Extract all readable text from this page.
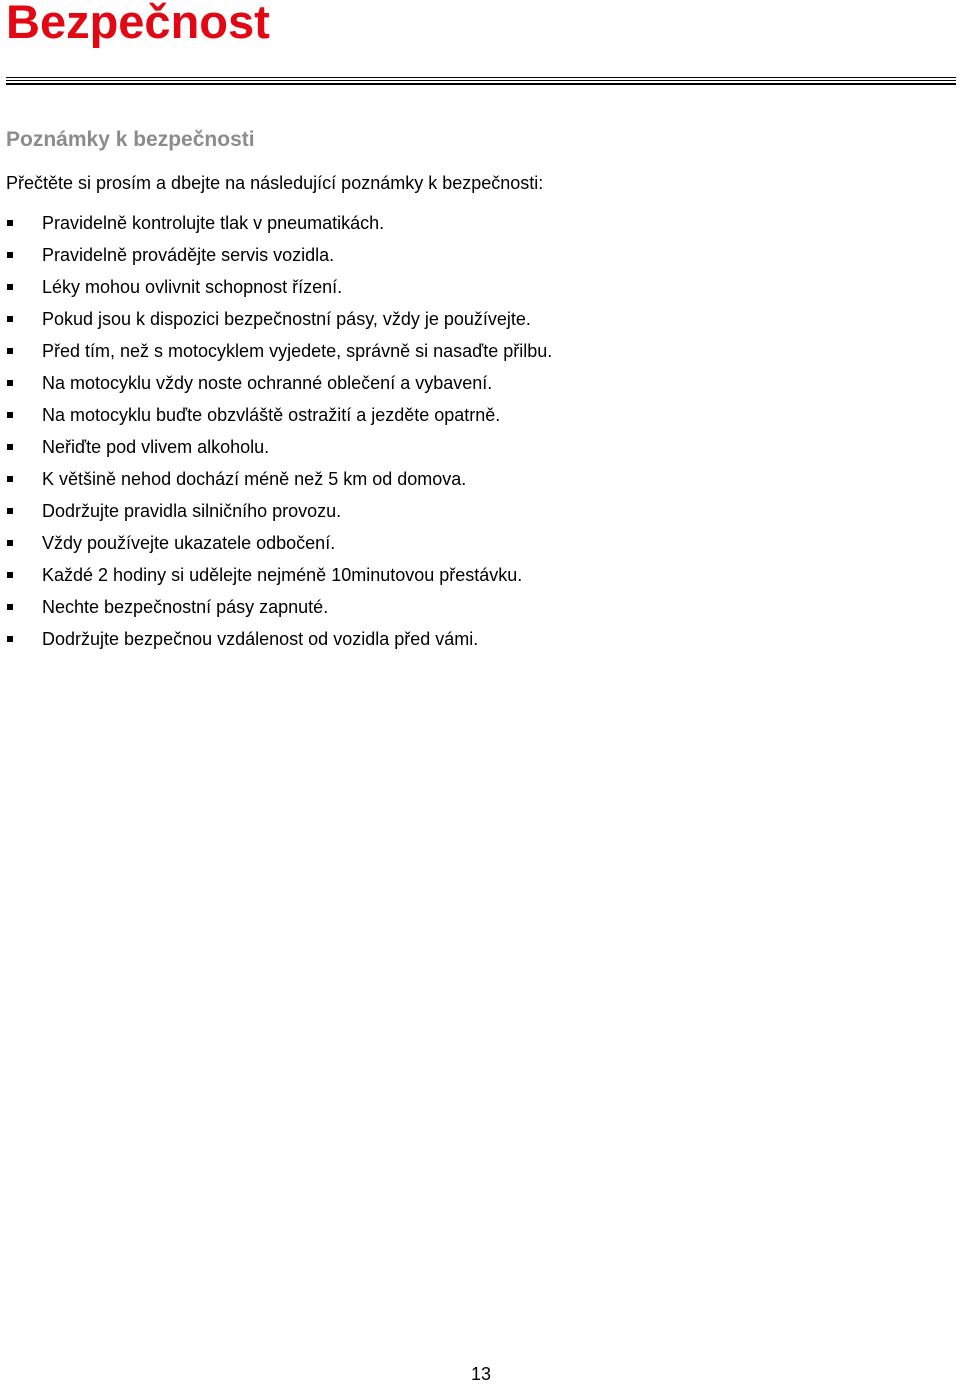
Bezpečnost
Poznámky k bezpečnosti

Přečtěte si prosím a dbejte na následující poznámky k bezpečnosti:

Pravidelně kontrolujte tlak v pneumatikách.
Pravidelně provádějte servis vozidla.
Léky mohou ovlivnit schopnost řízení.
Pokud jsou k dispozici bezpečnostní pásy, vždy je používejte.
Před tím, než s motocyklem vyjedete, správně si nasaďte přilbu.
Na motocyklu vždy noste ochranné oblečení a vybavení.
Na motocyklu buďte obzvláště ostražití a jezděte opatrně.
Neřiďte pod vlivem alkoholu.
K většině nehod dochází méně než 5 km od domova.
Dodržujte pravidla silničního provozu.
Vždy používejte ukazatele odbočení.
Každé 2 hodiny si udělejte nejméně 10minutovou přestávku.
Nechte bezpečnostní pásy zapnuté.
Dodržujte bezpečnou vzdálenost od vozidla před vámi.
13
